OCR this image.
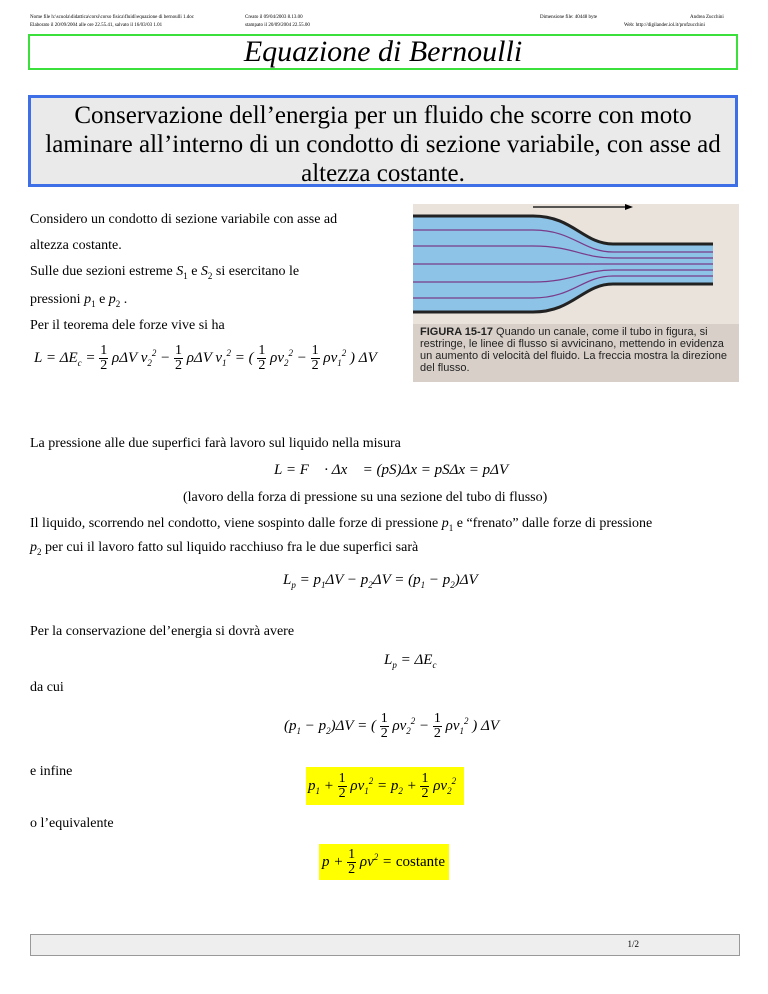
Nome file h:\scuola\didattica\corsi\corso fisica\fluidi\equazione di bernoulli 1.doc	Creato il 09/04/2003 8.13.00
Elaborato il 20/09/2004 alle ore 22.55.41, salvato il 16/03/03 1.01	stampato il 20/09/2004 22.55.00
Dimensione file: 40448 byte	Andrea Zucchini
Web: http://digilander.iol.it/profzucchini
Equazione di Bernoulli
Conservazione dell’energia per un fluido che scorre con moto laminare all’interno di un condotto di sezione variabile, con asse ad altezza costante.
Considero un condotto di sezione variabile con asse ad
altezza costante.
Sulle due sezioni estreme $S_1$ e $S_2$ si esercitano le
pressioni $p_1$ e $p_2$ .
Per il teorema dele forze vive si ha
$L = \Delta E_c = \frac{1}{2}$ ρΔV $v_2^2 - \frac{1}{2}$ ρΔV $v_1^2$ = ( $\frac{1}{2} \rho v_2^2 - \frac{1}{2} \rho v_1^2$ ) ΔV
FIGURA 15-17 Quando un canale, come il tubo in figura, si restringe, le linee di flusso si avvicinano, mettendo in evidenza un aumento di velocità del fluido. La freccia mostra la direzione del flusso.
La pressione alle due superfici farà lavoro sul liquido nella misura
L = F⃗ · Δx⃗ = (pS)Δx = pSΔx = pΔV
(lavoro della forza di pressione su una sezione del tubo di flusso)
Il liquido, scorrendo nel condotto, viene sospinto dalle forze di pressione $p_1$ e “frenato” dalle forze di pressione
$p_2$ per cui il lavoro fatto sul liquido racchiuso fra le due superfici sarà
$L_p = p_1\Delta V - p_2\Delta V = (p_1 - p_2)\Delta V$
Per la conservazione del’energia si dovrà avere
$L_p = \Delta E_c$
da cui
$(p_1 - p_2)\Delta V$ = ( $\frac{1}{2} \rho v_2^2 - \frac{1}{2} \rho v_1^2$ ) ΔV
e infine
$p_1 + \frac{1}{2} \rho v_1^2 = p_2 + \frac{1}{2} \rho v_2^2$
o l’equivalente
$p + \frac{1}{2} \rho v^2$ = costante
1/2
